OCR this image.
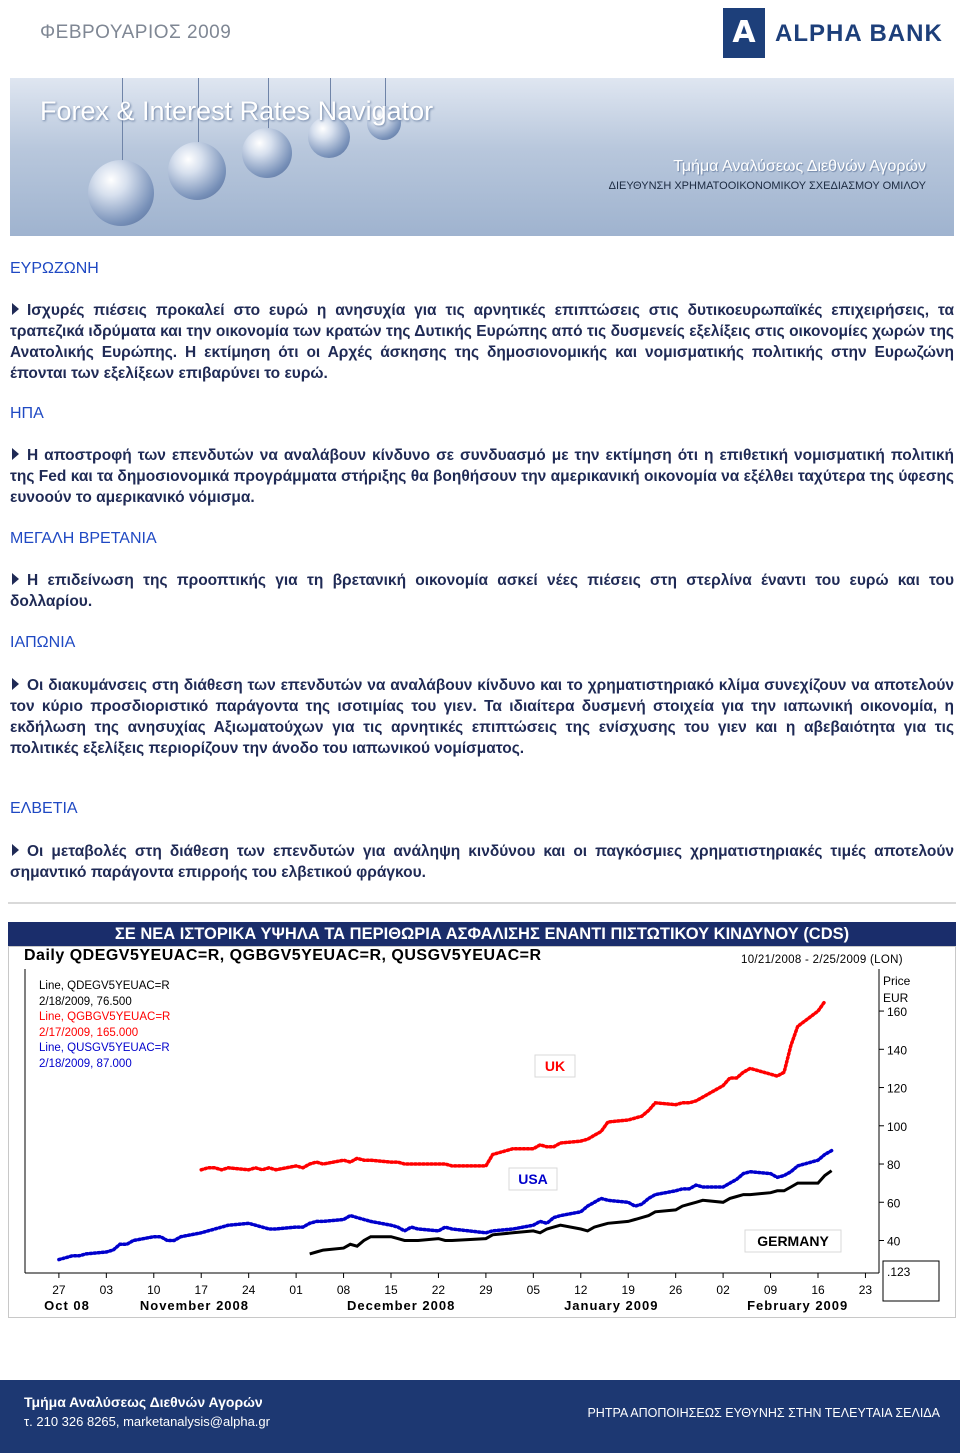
ΦΕΒΡΟΥΑΡΙΟΣ 2009	A ALPHA BANK
Forex & Interest Rates Navigator
Τμήμα Αναλύσεως Διεθνών Αγορών
ΔΙΕΥΘΥΝΣΗ ΧΡΗΜΑΤΟΟΙΚΟΝΟΜΙΚΟΥ ΣΧΕΔΙΑΣΜΟΥ ΟΜΙΛΟΥ
ΕΥΡΩΖΩΝΗ
Ισχυρές πιέσεις προκαλεί στο ευρώ η ανησυχία για τις αρνητικές επιπτώσεις στις δυτικοευρωπαϊκές επιχειρήσεις, τα τραπεζικά ιδρύματα και την οικονομία των κρατών της Δυτικής Ευρώπης από τις δυσμενείς εξελίξεις στις οικονομίες χωρών της Ανατολικής Ευρώπης. Η εκτίμηση ότι οι Αρχές άσκησης της δημοσιονομικής και νομισματικής πολιτικής στην Ευρωζώνη έπονται των εξελίξεων επιβαρύνει το ευρώ.
ΗΠΑ
Η αποστροφή των επενδυτών να αναλάβουν κίνδυνο σε συνδυασμό με την εκτίμηση ότι η επιθετική νομισματική πολιτική της Fed και τα δημοσιονομικά προγράμματα στήριξης θα βοηθήσουν την αμερικανική οικονομία να εξέλθει ταχύτερα της ύφεσης ευνοούν το αμερικανικό νόμισμα.
ΜΕΓΑΛΗ ΒΡΕΤΑΝΙΑ
Η επιδείνωση της προοπτικής για τη βρετανική οικονομία ασκεί νέες πιέσεις στη στερλίνα έναντι του ευρώ και του δολλαρίου.
ΙΑΠΩΝΙΑ
Οι διακυμάνσεις στη διάθεση των επενδυτών να αναλάβουν κίνδυνο και το χρηματιστηριακό κλίμα συνεχίζουν να αποτελούν τον κύριο προσδιοριστικό παράγοντα της ισοτιμίας του γιεν. Τα ιδιαίτερα δυσμενή στοιχεία για την ιαπωνική οικονομία, η εκδήλωση της ανησυχίας Αξιωματούχων για τις αρνητικές επιπτώσεις της ενίσχυσης του γιεν και η αβεβαιότητα για τις πολιτικές εξελίξεις περιορίζουν την άνοδο του ιαπωνικού νομίσματος.
ΕΛΒΕΤΙΑ
Οι μεταβολές στη διάθεση των επενδυτών για ανάληψη κινδύνου και οι παγκόσμιες χρηματιστηριακές τιμές αποτελούν σημαντικό παράγοντα επιρροής του ελβετικού φράγκου.
ΣΕ ΝΕΑ ΙΣΤΟΡΙΚΑ ΥΨΗΛΑ ΤΑ ΠΕΡΙΘΩΡΙΑ ΑΣΦΑΛΙΣΗΣ ΕΝΑΝΤΙ ΠΙΣΤΩΤΙΚΟΥ ΚΙΝΔΥΝΟΥ (CDS)
Daily QDEGV5YEUAC=R, QGBGV5YEUAC=R, QUSGV5YEUAC=R	10/21/2008 - 2/25/2009 (LON)
Price
EUR
40
60
80
100
120
140
160
.123
27	03	10	17	24	01	08	15	22	29	05	12	19	26	02	09	16	23
Oct 08	November 2008	December 2008	January 2009	February 2009
Line, QDEGV5YEUAC=R
2/18/2009, 76.500
Line, QGBGV5YEUAC=R
2/17/2009, 165.000
Line, QUSGV5YEUAC=R
2/18/2009, 87.000	UK
USA
GERMANY
Τμήμα Αναλύσεως Διεθνών Αγορών
τ. 210 326 8265, marketanalysis@alpha.gr
ΡΗΤΡΑ ΑΠΟΠΟΙΗΣΕΩΣ ΕΥΘΥΝΗΣ ΣΤΗΝ ΤΕΛΕΥΤΑΙΑ ΣΕΛΙΔΑ
